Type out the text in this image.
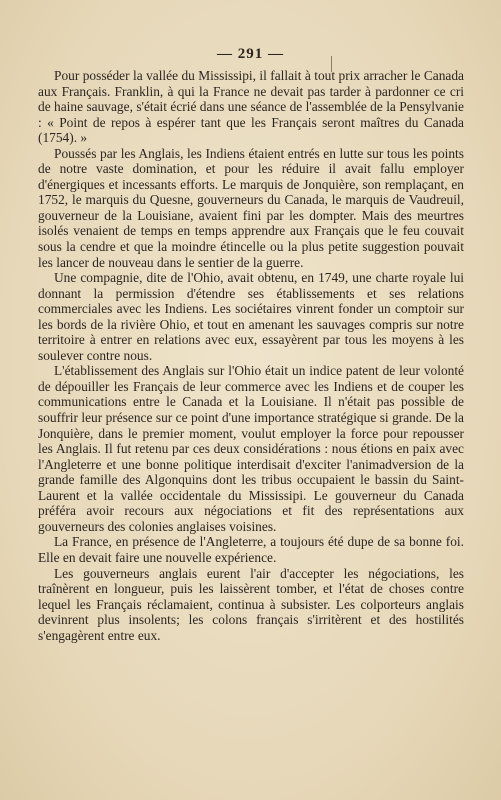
— 291 —

Pour posséder la vallée du Mississipi, il fallait à tout prix arracher le Canada aux Français. Franklin, à qui la France ne devait pas tarder à pardonner ce cri de haine sauvage, s'était écrié dans une séance de l'assemblée de la Pensylvanie : « Point de repos à espérer tant que les Français seront maîtres du Canada (1754). »

Poussés par les Anglais, les Indiens étaient entrés en lutte sur tous les points de notre vaste domination, et pour les réduire il avait fallu employer d'énergiques et incessants efforts. Le marquis de Jonquière, son remplaçant, en 1752, le marquis du Quesne, gouverneurs du Canada, le marquis de Vaudreuil, gouverneur de la Louisiane, avaient fini par les dompter. Mais des meurtres isolés venaient de temps en temps apprendre aux Français que le feu couvait sous la cendre et que la moindre étincelle ou la plus petite suggestion pouvait les lancer de nouveau dans le sentier de la guerre.

Une compagnie, dite de l'Ohio, avait obtenu, en 1749, une charte royale lui donnant la permission d'étendre ses établissements et ses relations commerciales avec les Indiens. Les sociétaires vinrent fonder un comptoir sur les bords de la rivière Ohio, et tout en amenant les sauvages compris sur notre territoire à entrer en relations avec eux, essayèrent par tous les moyens à les soulever contre nous.

L'établissement des Anglais sur l'Ohio était un indice patent de leur volonté de dépouiller les Français de leur commerce avec les Indiens et de couper les communications entre le Canada et la Louisiane. Il n'était pas possible de souffrir leur présence sur ce point d'une importance stratégique si grande. De la Jonquière, dans le premier moment, voulut employer la force pour repousser les Anglais. Il fut retenu par ces deux considérations : nous étions en paix avec l'Angleterre et une bonne politique interdisait d'exciter l'animadversion de la grande famille des Algonquins dont les tribus occupaient le bassin du Saint-Laurent et la vallée occidentale du Mississipi. Le gouverneur du Canada préféra avoir recours aux négociations et fit des représentations aux gouverneurs des colonies anglaises voisines.

La France, en présence de l'Angleterre, a toujours été dupe de sa bonne foi. Elle en devait faire une nouvelle expérience.

Les gouverneurs anglais eurent l'air d'accepter les négociations, les traînèrent en longueur, puis les laissèrent tomber, et l'état de choses contre lequel les Français réclamaient, continua à subsister. Les colporteurs anglais devinrent plus insolents; les colons français s'irritèrent et des hostilités s'engagèrent entre eux.
